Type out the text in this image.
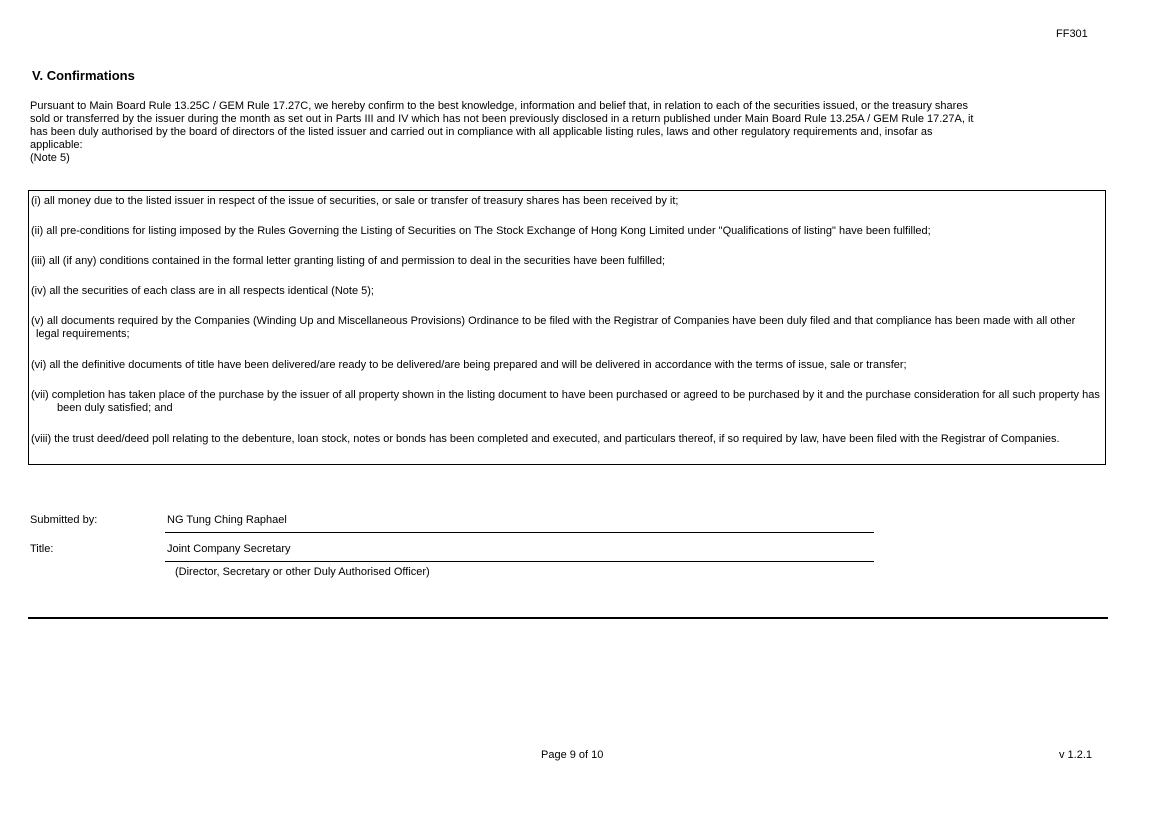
FF301
V. Confirmations

Pursuant to Main Board Rule 13.25C / GEM Rule 17.27C, we hereby confirm to the best knowledge, information and belief that, in relation to each of the securities issued, or the treasury shares

sold or transferred by the issuer during the month as set out in Parts III and IV which has not been previously disclosed in a return published under Main Board Rule 13.25A / GEM Rule 17.27A, it

has been duly authorised by the board of directors of the listed issuer and carried out in compliance with all applicable listing rules, laws and other regulatory requirements and, insofar as

applicable:

(Note 5)

(i) all money due to the listed issuer in respect of the issue of securities, or sale or transfer of treasury shares has been received by it;

(ii) all pre-conditions for listing imposed by the Rules Governing the Listing of Securities on The Stock Exchange of Hong Kong Limited under "Qualifications of listing" have been fulfilled;

(iii) all (if any) conditions contained in the formal letter granting listing of and permission to deal in the securities have been fulfilled;

(iv) all the securities of each class are in all respects identical (Note 5);

(v) all documents required by the Companies (Winding Up and Miscellaneous Provisions) Ordinance to be filed with the Registrar of Companies have been duly filed and that compliance has been made with all other legal requirements;

(vi) all the definitive documents of title have been delivered/are ready to be delivered/are being prepared and will be delivered in accordance with the terms of issue, sale or transfer;

(vii) completion has taken place of the purchase by the issuer of all property shown in the listing document to have been purchased or agreed to be purchased by it and the purchase consideration for all such property has been duly satisfied; and

(viii) the trust deed/deed poll relating to the debenture, loan stock, notes or bonds has been completed and executed, and particulars thereof, if so required by law, have been filed with the Registrar of Companies.

Submitted by:	NG Tung Ching Raphael
Title:	Joint Company Secretary
(Director, Secretary or other Duly Authorised Officer)
Page 9 of 10	v 1.2.1
